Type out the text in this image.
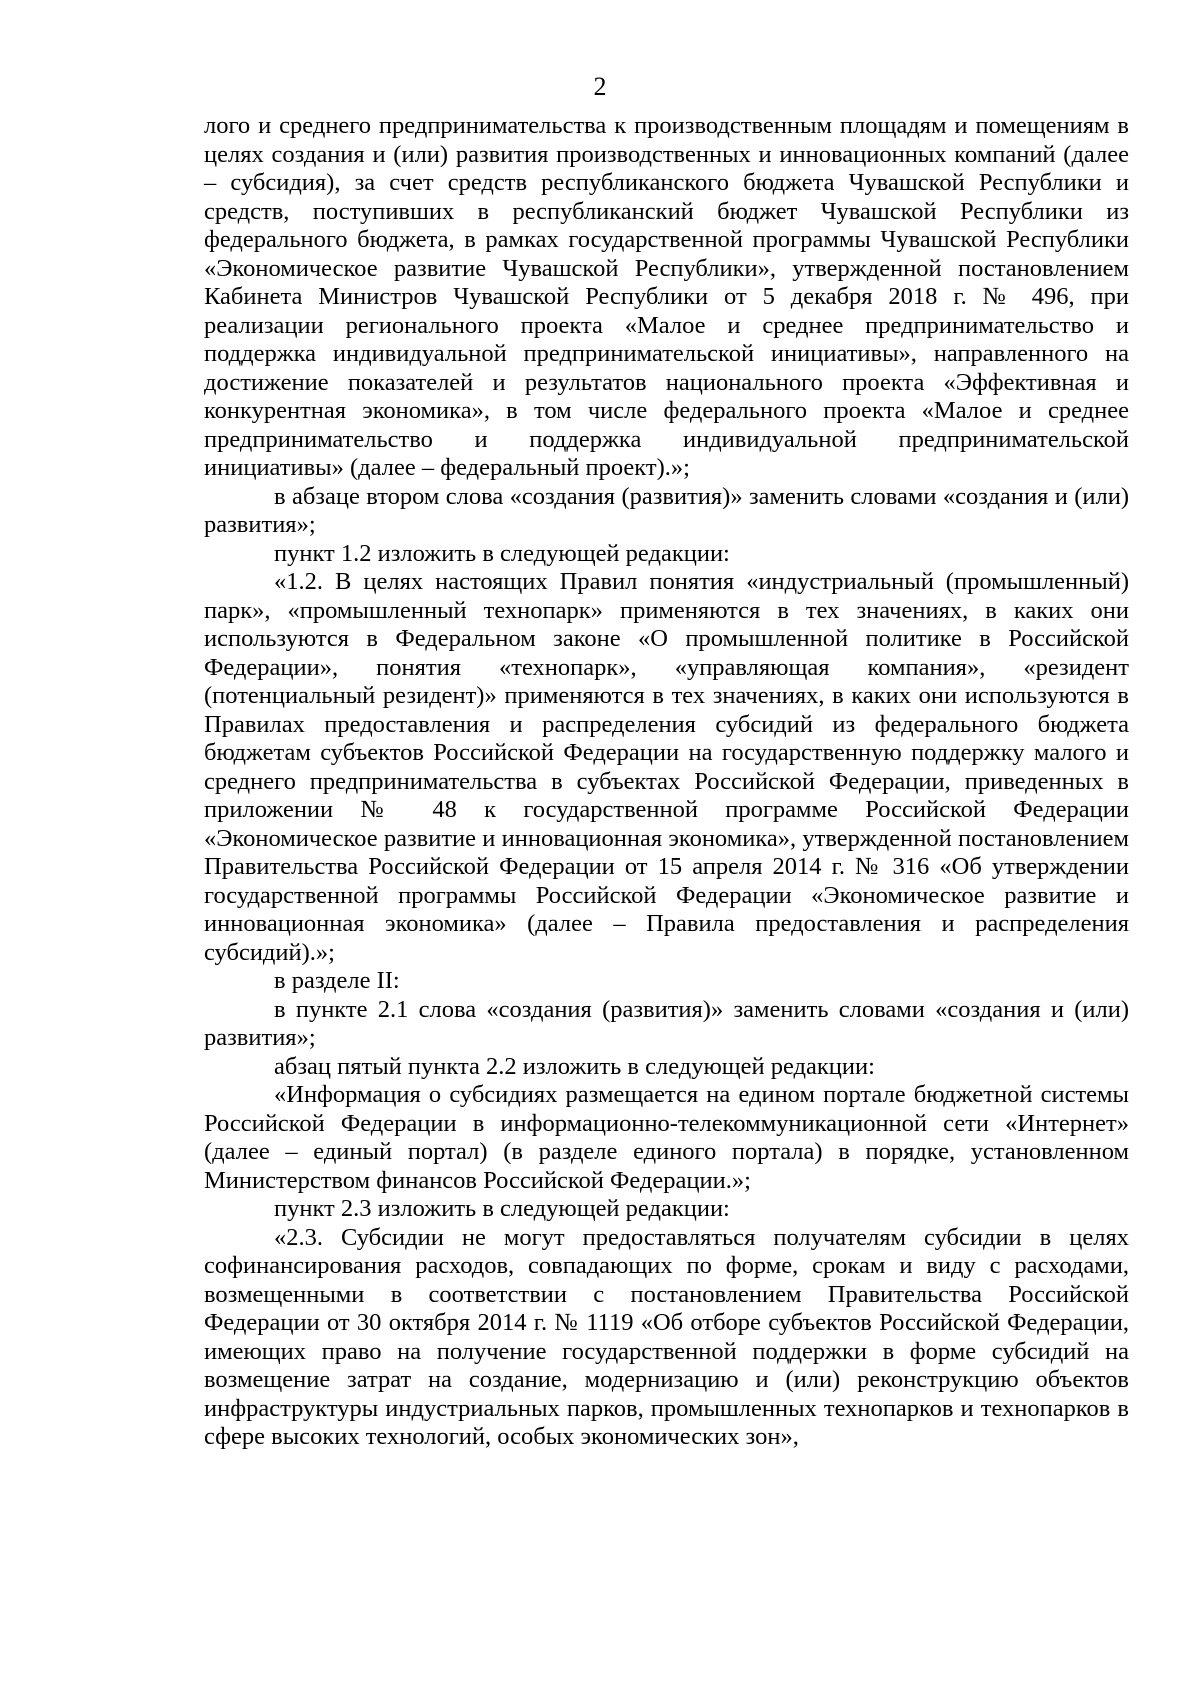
2

лого и среднего предпринимательства к производственным площадям и помещениям в целях создания и (или) развития производственных и инновационных компаний (далее – субсидия), за счет средств республиканского бюджета Чувашской Республики и средств, поступивших в республиканский бюджет Чувашской Республики из федерального бюджета, в рамках государственной программы Чувашской Республики «Экономическое развитие Чувашской Республики», утвержденной постановлением Кабинета Министров Чувашской Республики от 5 декабря 2018 г. № 496, при реализации регионального проекта «Малое и среднее предпринимательство и поддержка индивидуальной предпринимательской инициативы», направленного на достижение показателей и результатов национального проекта «Эффективная и конкурентная экономика», в том числе федерального проекта «Малое и среднее предпринимательство и поддержка индивидуальной предпринимательской инициативы» (далее – федеральный проект).»;

в абзаце втором слова «создания (развития)» заменить словами «создания и (или) развития»;

пункт 1.2 изложить в следующей редакции:

«1.2. В целях настоящих Правил понятия «индустриальный (промышленный) парк», «промышленный технопарк» применяются в тех значениях, в каких они используются в Федеральном законе «О промышленной политике в Российской Федерации», понятия «технопарк», «управляющая компания», «резидент (потенциальный резидент)» применяются в тех значениях, в каких они используются в Правилах предоставления и распределения субсидий из федерального бюджета бюджетам субъектов Российской Федерации на государственную поддержку малого и среднего предпринимательства в субъектах Российской Федерации, приведенных в приложении № 48 к государственной программе Российской Федерации «Экономическое развитие и инновационная экономика», утвержденной постановлением Правительства Российской Федерации от 15 апреля 2014 г. № 316 «Об утверждении государственной программы Российской Федерации «Экономическое развитие и инновационная экономика» (далее – Правила предоставления и распределения субсидий).»;

в разделе II:

в пункте 2.1 слова «создания (развития)» заменить словами «создания и (или) развития»;

абзац пятый пункта 2.2 изложить в следующей редакции:

«Информация о субсидиях размещается на едином портале бюджетной системы Российской Федерации в информационно-телекоммуникационной сети «Интернет» (далее – единый портал) (в разделе единого портала) в порядке, установленном Министерством финансов Российской Федерации.»;

пункт 2.3 изложить в следующей редакции:

«2.3. Субсидии не могут предоставляться получателям субсидии в целях софинансирования расходов, совпадающих по форме, срокам и виду с расходами, возмещенными в соответствии с постановлением Правительства Российской Федерации от 30 октября 2014 г. № 1119 «Об отборе субъектов Российской Федерации, имеющих право на получение государственной поддержки в форме субсидий на возмещение затрат на создание, модернизацию и (или) реконструкцию объектов инфраструктуры индустриальных парков, промышленных технопарков и технопарков в сфере высоких технологий, особых экономических зон»,
